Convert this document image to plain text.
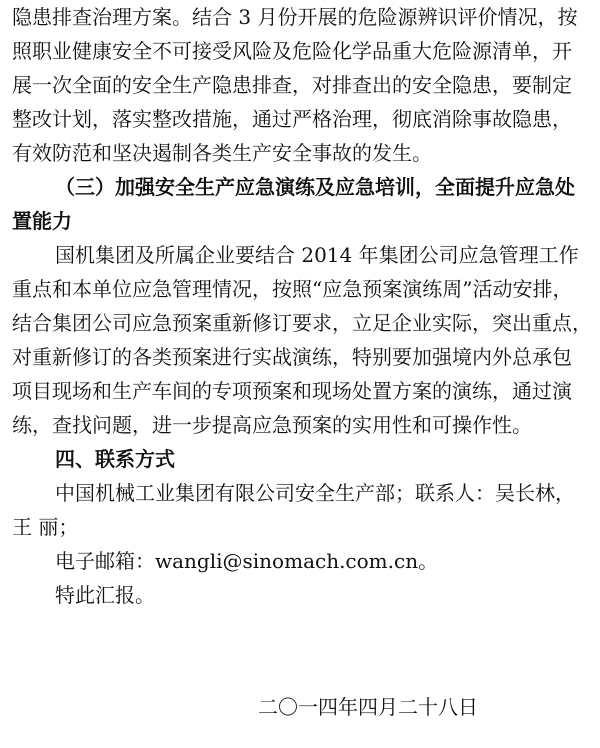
隐患排查治理方案。结合 3 月份开展的危险源辨识评价情况，按
照职业健康安全不可接受风险及危险化学品重大危险源清单，开
展一次全面的安全生产隐患排查，对排查出的安全隐患，要制定
整改计划，落实整改措施，通过严格治理，彻底消除事故隐患，
有效防范和坚决遏制各类生产安全事故的发生。
（三）加强安全生产应急演练及应急培训，全面提升应急处
置能力
国机集团及所属企业要结合 2014 年集团公司应急管理工作
重点和本单位应急管理情况，按照“应急预案演练周”活动安排，
结合集团公司应急预案重新修订要求，立足企业实际，突出重点，
对重新修订的各类预案进行实战演练，特别要加强境内外总承包
项目现场和生产车间的专项预案和现场处置方案的演练，通过演
练，查找问题，进一步提高应急预案的实用性和可操作性。
四、联系方式
中国机械工业集团有限公司安全生产部；联系人：吴长林，
王 丽；
电子邮箱：wangli@sinomach.com.cn。
特此汇报。
二〇一四年四月二十八日
